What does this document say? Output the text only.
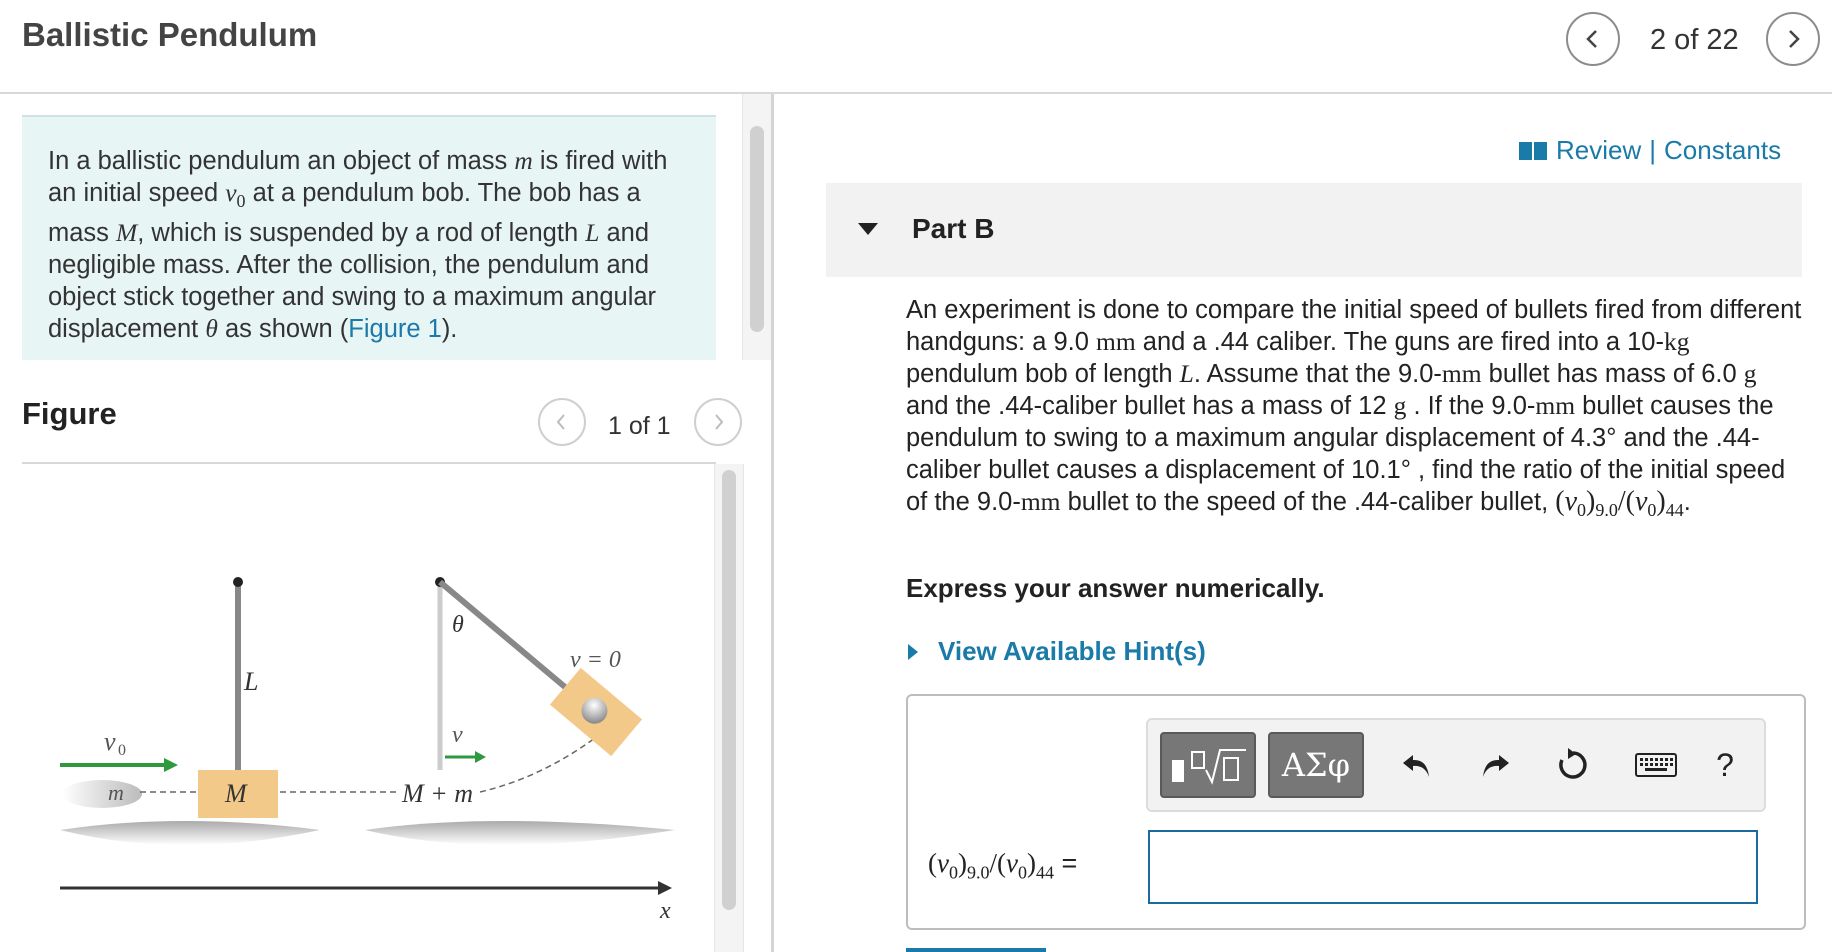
Ballistic Pendulum	2 of 22
In a ballistic pendulum an object of mass m is fired with an initial speed $v_0$ at a pendulum bob. The bob has a mass M, which is suspended by a rod of length L and negligible mass. After the collision, the pendulum and object stick together and swing to a maximum angular displacement θ as shown (Figure 1).
Figure	1 of 1
L
M
m
v 0
θ
v
M + m
v = 0
x
Review | Constants
Part B
An experiment is done to compare the initial speed of bullets fired from different handguns: a 9.0 mm and a .44 caliber. The guns are fired into a 10-kg pendulum bob of length L. Assume that the 9.0-mm bullet has mass of 6.0 g and the .44-caliber bullet has a mass of 12 g . If the 9.0-mm bullet causes the pendulum to swing to a maximum angular displacement of 4.3° and the .44-caliber bullet causes a displacement of 10.1° , find the ratio of the initial speed of the 9.0-mm bullet to the speed of the .44-caliber bullet, $(v_0)_{9.0}/(v_0)_{44}$.
Express your answer numerically.
View Available Hint(s)
ΑΣφ	?
$(v_0)_{9.0}/(v_0)_{44}$ =
